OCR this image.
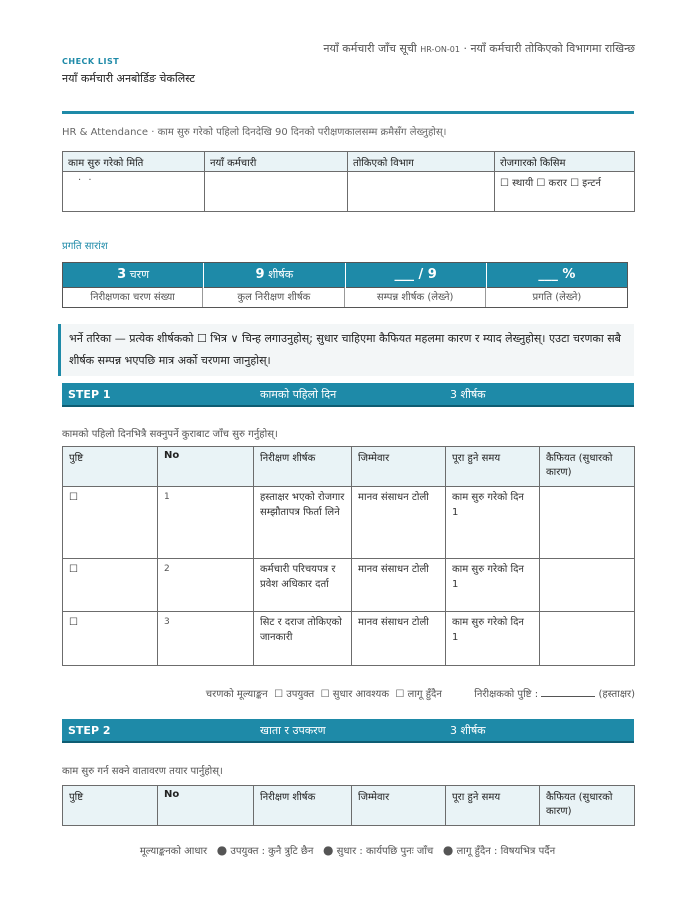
नयाँ कर्मचारी जाँच सूची HR-ON-01 · नयाँ कर्मचारी तोकिएको विभागमा राखिन्छ
CHECK LIST
नयाँ कर्मचारी अनबोर्डिङ चेकलिस्ट
HR & Attendance · काम सुरु गरेको पहिलो दिनदेखि 90 दिनको परीक्षणकालसम्म क्रमैसँग लेख्नुहोस्।
काम सुरु गरेको मिति	नयाँ कर्मचारी	तोकिएको विभाग	रोजगारको किसिम
· ·			☐ स्थायी ☐ करार ☐ इन्टर्न
प्रगति सारांश
3 चरण
निरीक्षणका चरण संख्या
9 शीर्षक
कुल निरीक्षण शीर्षक
___ / 9
सम्पन्न शीर्षक (लेख्ने)
___ %
प्रगति (लेख्ने)
भर्ने तरिका — प्रत्येक शीर्षकको ☐ भित्र ∨ चिन्ह लगाउनुहोस्; सुधार चाहिएमा कैफियत महलमा कारण र म्याद लेख्नुहोस्। एउटा चरणका सबै शीर्षक सम्पन्न भएपछि मात्र अर्को चरणमा जानुहोस्।
STEP 1	कामको पहिलो दिन	3 शीर्षक
कामको पहिलो दिनभित्रै सक्नुपर्ने कुराबाट जाँच सुरु गर्नुहोस्।
पुष्टि	No	निरीक्षण शीर्षक	जिम्मेवार	पूरा हुने समय	कैफियत (सुधारको कारण)
☐	1	हस्ताक्षर भएको रोजगार सम्झौतापत्र फिर्ता लिने	मानव संसाधन टोली	काम सुरु गरेको दिन 1	
☐	2	कर्मचारी परिचयपत्र र प्रवेश अधिकार दर्ता	मानव संसाधन टोली	काम सुरु गरेको दिन 1	
☐	3	सिट र दराज तोकिएको जानकारी	मानव संसाधन टोली	काम सुरु गरेको दिन 1	
चरणको मूल्याङ्कन ☐ उपयुक्त ☐ सुधार आवश्यक ☐ लागू हुँदैन	निरीक्षकको पुष्टि :	(हस्ताक्षर)
STEP 2	खाता र उपकरण	3 शीर्षक
काम सुरु गर्न सक्ने वातावरण तयार पार्नुहोस्।
पुष्टि	No	निरीक्षण शीर्षक	जिम्मेवार	पूरा हुने समय	कैफियत (सुधारको कारण)
मूल्याङ्कनको आधार ● उपयुक्त : कुनै त्रुटि छैन ● सुधार : कार्यपछि पुनः जाँच ● लागू हुँदैन : विषयभित्र पर्दैन
